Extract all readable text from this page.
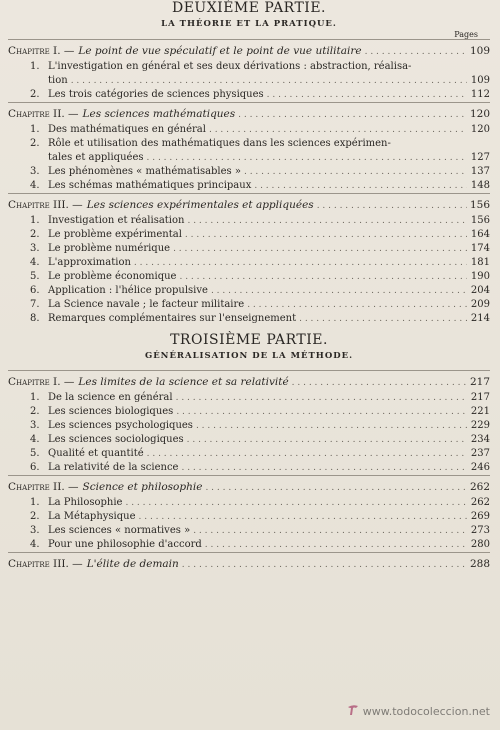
DEUXIÈME PARTIE.
LA THÉORIE ET LA PRATIQUE.
Pages
Chapitre I. — Le point de vue spéculatif et le point de vue utilitaire . . .	109
1. L'investigation en général et ses deux dérivations : abstraction, réalisa-
tion . . .	109
2. Les trois catégories de sciences physiques . . .	112
Chapitre II. — Les sciences mathématiques . . .	120
1. Des mathématiques en général . . .	120
2. Rôle et utilisation des mathématiques dans les sciences expérimen-
tales et appliquées . . .	127
3. Les phénomènes « mathématisables » . . .	137
4. Les schémas mathématiques principaux . . .	148
Chapitre III. — Les sciences expérimentales et appliquées . . .	156
1. Investigation et réalisation . . .	156
2. Le problème expérimental . . .	164
3. Le problème numérique . . .	174
4. L'approximation . . .	181
5. Le problème économique . . .	190
6. Application : l'hélice propulsive . . .	204
7. La Science navale ; le facteur militaire . . .	209
8. Remarques complémentaires sur l'enseignement . . .	214
TROISIÈME PARTIE.
GÉNÉRALISATION DE LA MÉTHODE.
Chapitre I. — Les limites de la science et sa relativité . . .	217
1. De la science en général . . .	217
2. Les sciences biologiques . . .	221
3. Les sciences psychologiques . . .	229
4. Les sciences sociologiques . . .	234
5. Qualité et quantité . . .	237
6. La relativité de la science . . .	246
Chapitre II. — Science et philosophie . . .	262
1. La Philosophie . . .	262
2. La Métaphysique . . .	269
3. Les sciences « normatives » . . .	273
4. Pour une philosophie d'accord . . .	280
Chapitre III. — L'élite de demain . . .	288
www.todocoleccion.net
